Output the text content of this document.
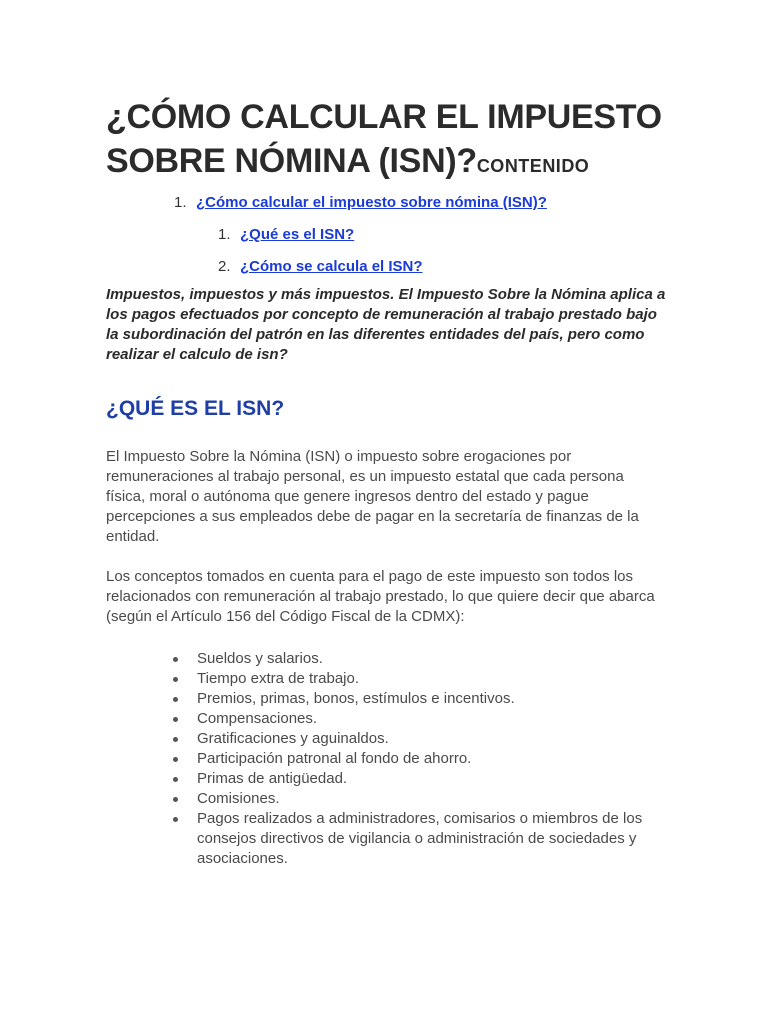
¿CÓMO CALCULAR EL IMPUESTO SOBRE NÓMINA (ISN)?CONTENIDO
1. ¿Cómo calcular el impuesto sobre nómina (ISN)?
1. ¿Qué es el ISN?
2. ¿Cómo se calcula el ISN?

Impuestos, impuestos y más impuestos. El Impuesto Sobre la Nómina aplica a los pagos efectuados por concepto de remuneración al trabajo prestado bajo la subordinación del patrón en las diferentes entidades del país, pero como realizar el calculo de isn?

¿QUÉ ES EL ISN?

El Impuesto Sobre la Nómina (ISN) o impuesto sobre erogaciones por remuneraciones al trabajo personal, es un impuesto estatal que cada persona física, moral o autónoma que genere ingresos dentro del estado y pague percepciones a sus empleados debe de pagar en la secretaría de finanzas de la entidad.

Los conceptos tomados en cuenta para el pago de este impuesto son todos los relacionados con remuneración al trabajo prestado, lo que quiere decir que abarca (según el Artículo 156 del Código Fiscal de la CDMX):

Sueldos y salarios.
Tiempo extra de trabajo.
Premios, primas, bonos, estímulos e incentivos.
Compensaciones.
Gratificaciones y aguinaldos.
Participación patronal al fondo de ahorro.
Primas de antigüedad.
Comisiones.
Pagos realizados a administradores, comisarios o miembros de los consejos directivos de vigilancia o administración de sociedades y asociaciones.
